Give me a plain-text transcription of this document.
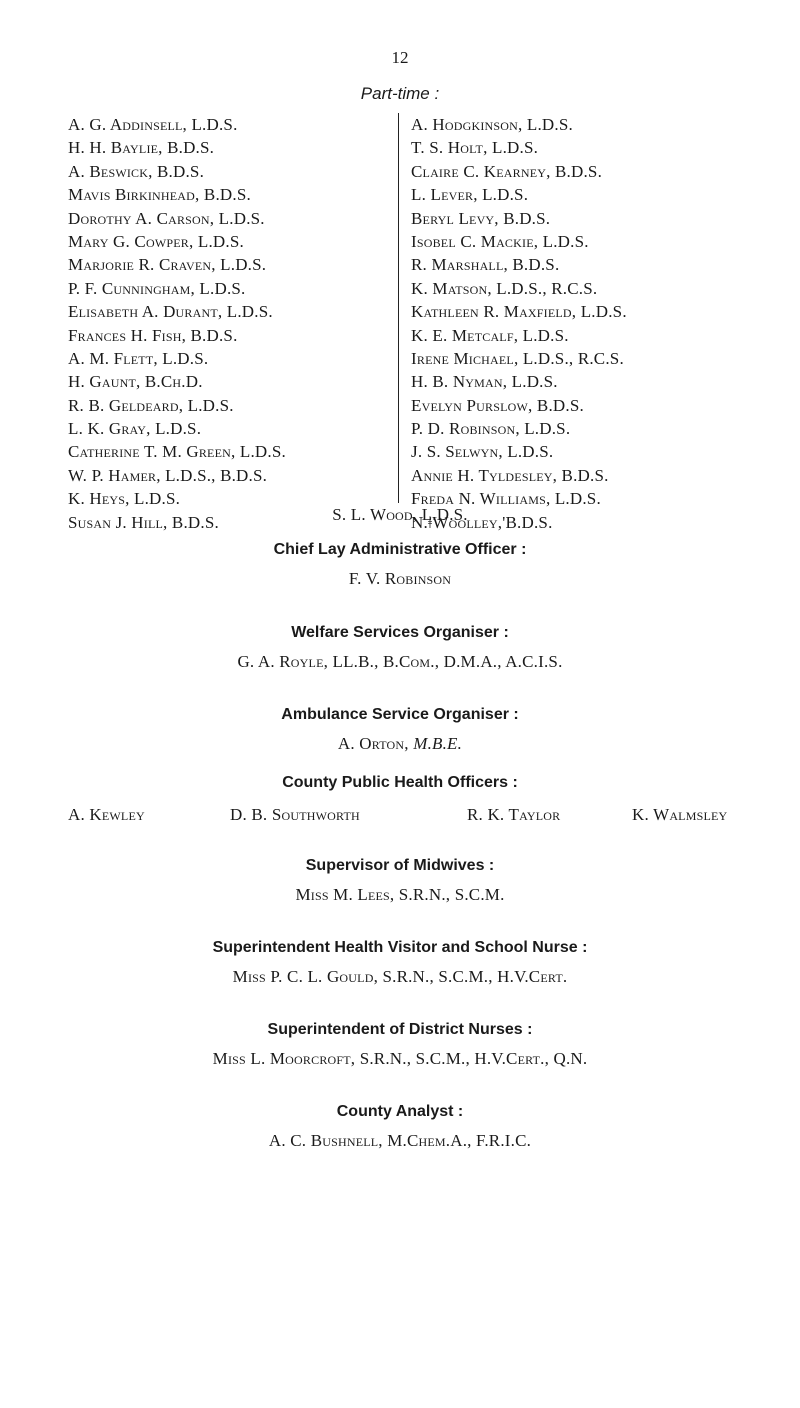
12
Part-time :
A. G. Addinsell, L.D.S.
H. H. Baylie, B.D.S.
A. Beswick, B.D.S.
Mavis Birkinhead, B.D.S.
Dorothy A. Carson, L.D.S.
Mary G. Cowper, L.D.S.
Marjorie R. Craven, L.D.S.
P. F. Cunningham, L.D.S.
Elisabeth A. Durant, L.D.S.
Frances H. Fish, B.D.S.
A. M. Flett, L.D.S.
H. Gaunt, B.Ch.D.
R. B. Geldeard, L.D.S.
L. K. Gray, L.D.S.
Catherine T. M. Green, L.D.S.
W. P. Hamer, L.D.S., B.D.S.
K. Heys, L.D.S.
Susan J. Hill, B.D.S.
A. Hodgkinson, L.D.S.
T. S. Holt, L.D.S.
Claire C. Kearney, B.D.S.
L. Lever, L.D.S.
Beryl Levy, B.D.S.
Isobel C. Mackie, L.D.S.
R. Marshall, B.D.S.
K. Matson, L.D.S., R.C.S.
Kathleen R. Maxfield, L.D.S.
K. E. Metcalf, L.D.S.
Irene Michael, L.D.S., R.C.S.
H. B. Nyman, L.D.S.
Evelyn Purslow, B.D.S.
P. D. Robinson, L.D.S.
J. S. Selwyn, L.D.S.
Annie H. Tyldesley, B.D.S.
Freda N. Williams, L.D.S.
N.ǂWoolley,'B.D.S.
S. L. Wood, L.D.S.
Chief Lay Administrative Officer :
F. V. Robinson
Welfare Services Organiser :
G. A. Royle, LL.B., B.Com., D.M.A., A.C.I.S.
Ambulance Service Organiser :
A. Orton, M.B.E.
County Public Health Officers :
A. Kewley	D. B. Southworth	R. K. Taylor	K. Walmsley
Supervisor of Midwives :
Miss M. Lees, S.R.N., S.C.M.
Superintendent Health Visitor and School Nurse :
Miss P. C. L. Gould, S.R.N., S.C.M., H.V.Cert.
Superintendent of District Nurses :
Miss L. Moorcroft, S.R.N., S.C.M., H.V.Cert., Q.N.
County Analyst :
A. C. Bushnell, M.Chem.A., F.R.I.C.
